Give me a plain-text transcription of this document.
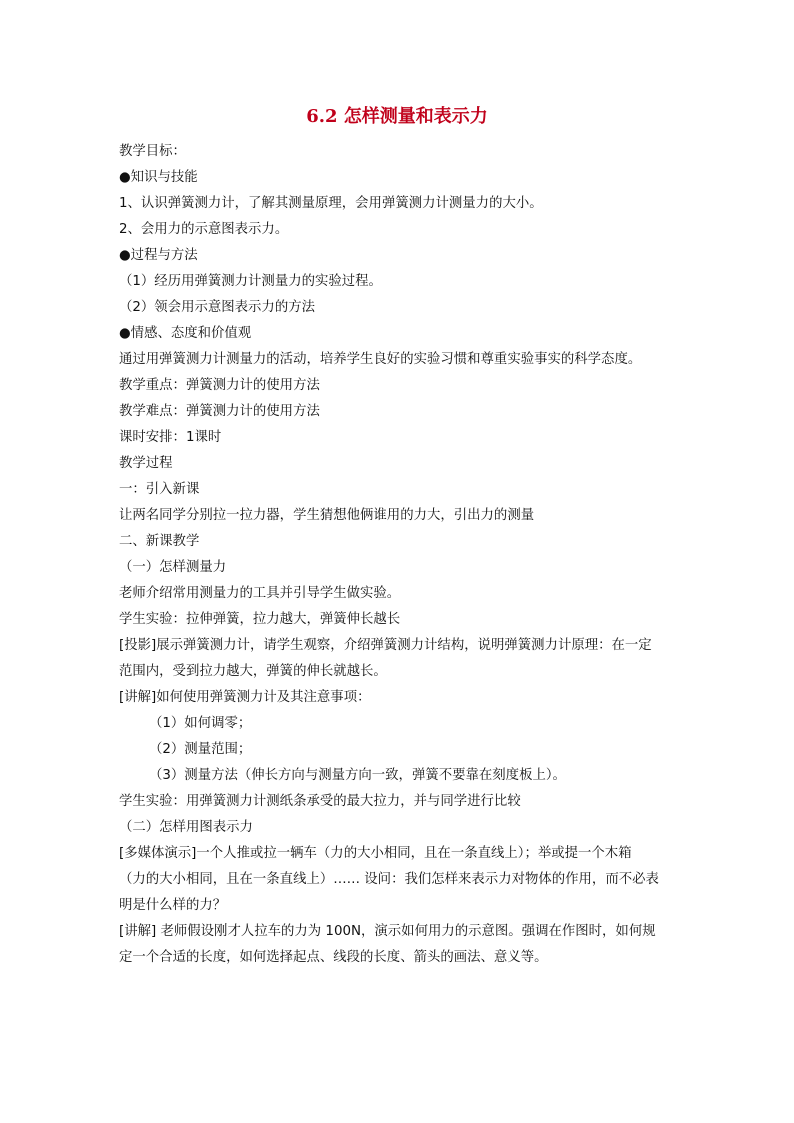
6.2 怎样测量和表示力
教学目标：
●知识与技能
1、认识弹簧测力计，了解其测量原理，会用弹簧测力计测量力的大小。
2、会用力的示意图表示力。
●过程与方法
（1）经历用弹簧测力计测量力的实验过程。
（2）领会用示意图表示力的方法
●情感、态度和价值观
通过用弹簧测力计测量力的活动，培养学生良好的实验习惯和尊重实验事实的科学态度。
教学重点：弹簧测力计的使用方法
教学难点：弹簧测力计的使用方法
课时安排：1课时
教学过程
一：引入新课
让两名同学分别拉一拉力器，学生猜想他俩谁用的力大，引出力的测量
二、新课教学
（一）怎样测量力
老师介绍常用测量力的工具并引导学生做实验。
学生实验：拉伸弹簧，拉力越大，弹簧伸长越长
[投影]展示弹簧测力计，请学生观察，介绍弹簧测力计结构，说明弹簧测力计原理：在一定
范围内，受到拉力越大，弹簧的伸长就越长。
[讲解]如何使用弹簧测力计及其注意事项：
（1）如何调零；
（2）测量范围；
（3）测量方法（伸长方向与测量方向一致，弹簧不要靠在刻度板上）。
学生实验：用弹簧测力计测纸条承受的最大拉力，并与同学进行比较
（二）怎样用图表示力
[多媒体演示]一个人推或拉一辆车（力的大小相同，且在一条直线上）；举或提一个木箱
（力的大小相同，且在一条直线上）…… 设问：我们怎样来表示力对物体的作用，而不必表
明是什么样的力？
[讲解] 老师假设刚才人拉车的力为 100N，演示如何用力的示意图。强调在作图时，如何规
定一个合适的长度，如何选择起点、线段的长度、箭头的画法、意义等。
